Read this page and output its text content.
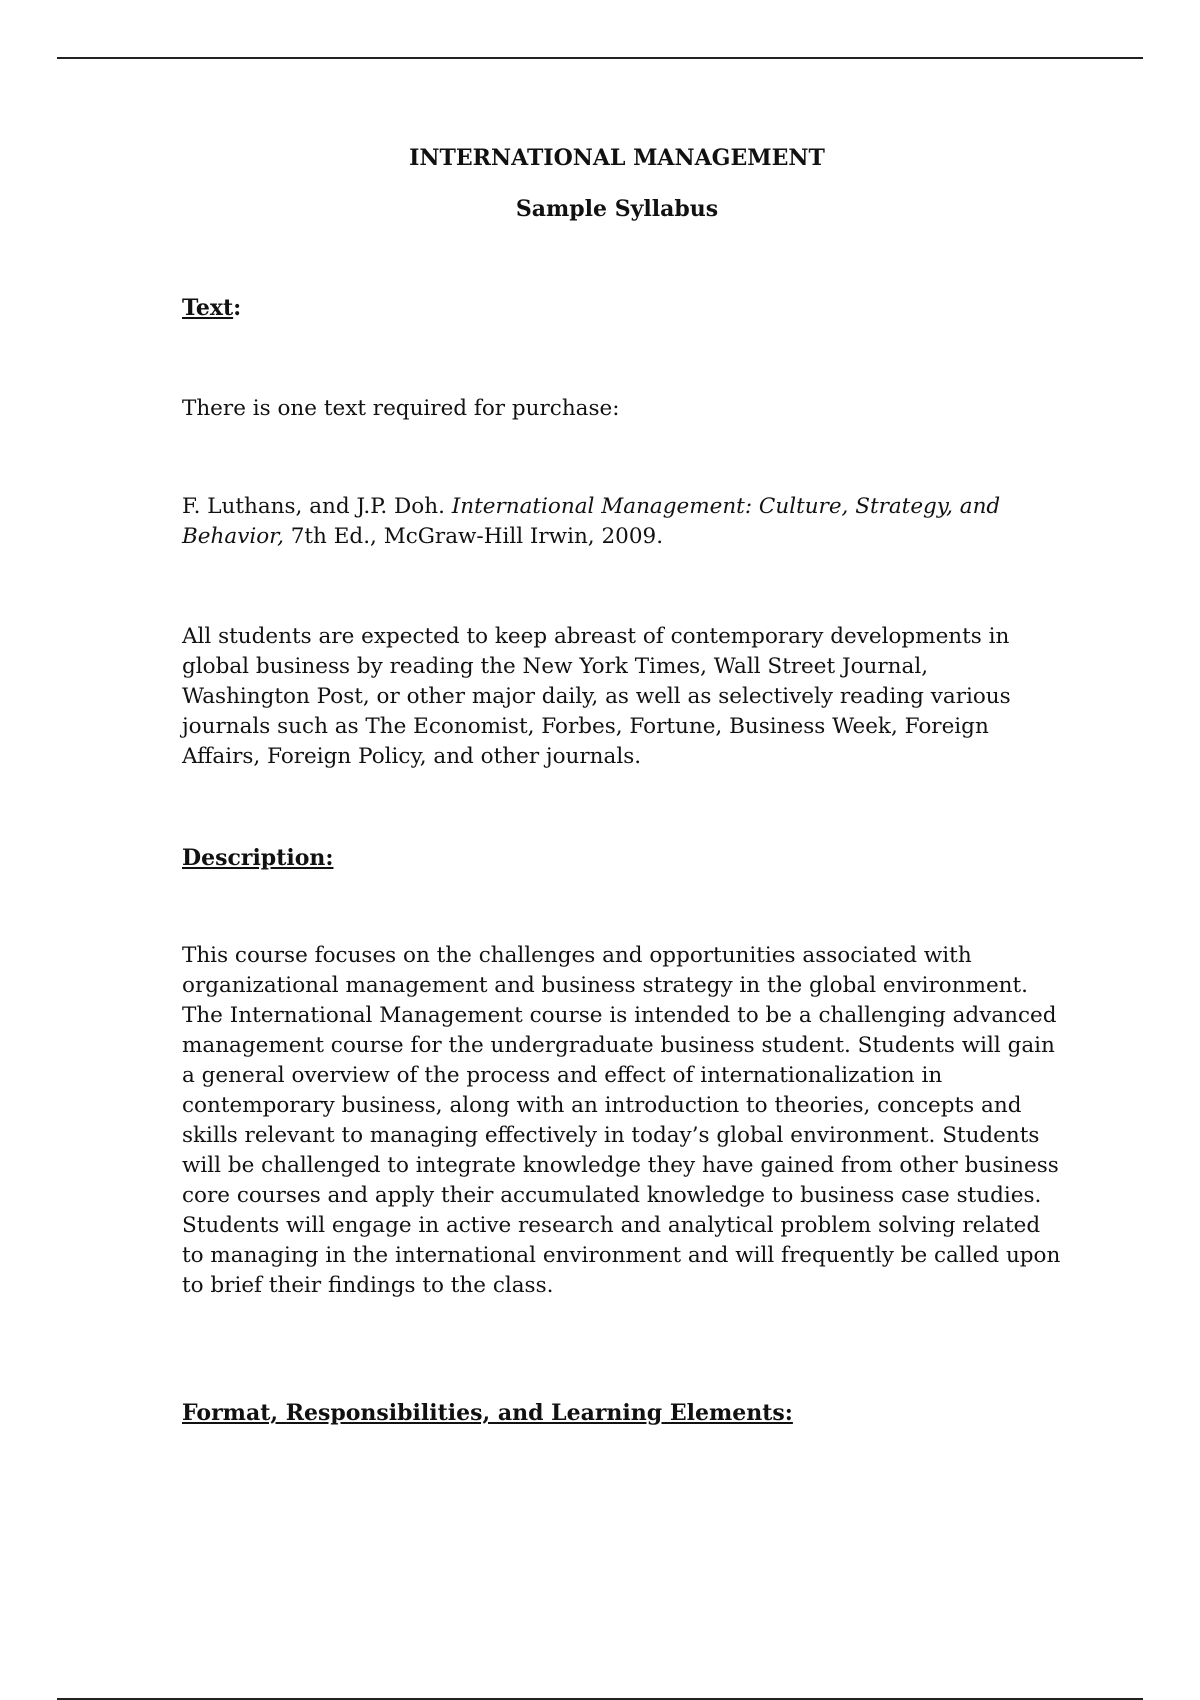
INTERNATIONAL MANAGEMENT
Sample Syllabus
Text:

There is one text required for purchase:

F. Luthans, and J.P. Doh. International Management: Culture, Strategy, and Behavior, 7th Ed., McGraw-Hill Irwin, 2009.

All students are expected to keep abreast of contemporary developments in global business by reading the New York Times, Wall Street Journal, Washington Post, or other major daily, as well as selectively reading various journals such as The Economist, Forbes, Fortune, Business Week, Foreign Affairs, Foreign Policy, and other journals.

Description:

This course focuses on the challenges and opportunities associated with organizational management and business strategy in the global environment. The International Management course is intended to be a challenging advanced management course for the undergraduate business student. Students will gain a general overview of the process and effect of internationalization in contemporary business, along with an introduction to theories, concepts and skills relevant to managing effectively in today’s global environment. Students will be challenged to integrate knowledge they have gained from other business core courses and apply their accumulated knowledge to business case studies. Students will engage in active research and analytical problem solving related to managing in the international environment and will frequently be called upon to brief their findings to the class.

Format, Responsibilities, and Learning Elements:
